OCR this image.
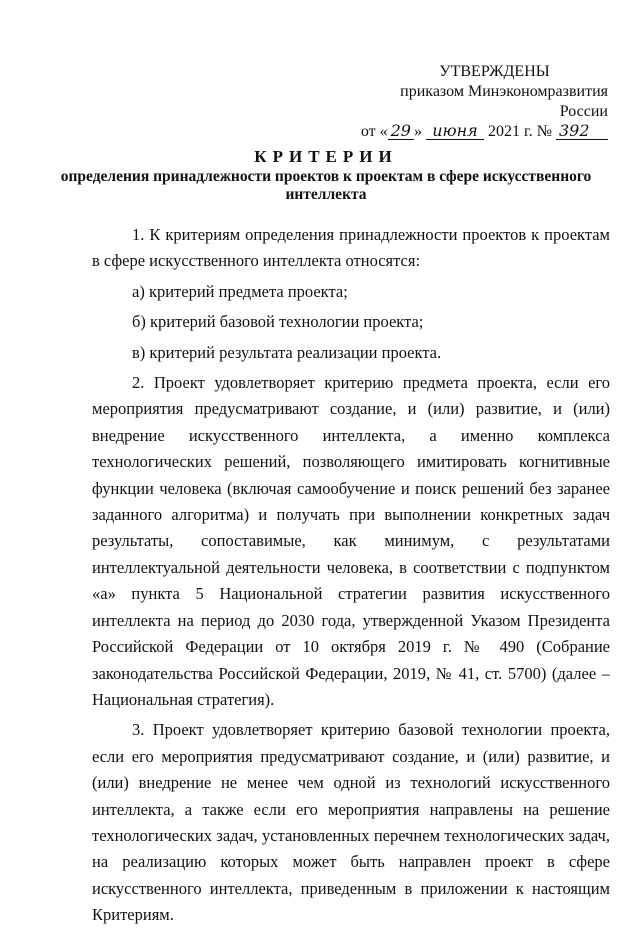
УТВЕРЖДЕНЫ
приказом Минэкономразвития России
от « 29 » июня 2021 г. № 392
КРИТЕРИИ
определения принадлежности проектов к проектам в сфере искусственного интеллекта

1. К критериям определения принадлежности проектов к проектам в сфере искусственного интеллекта относятся:

а) критерий предмета проекта;

б) критерий базовой технологии проекта;

в) критерий результата реализации проекта.

2. Проект удовлетворяет критерию предмета проекта, если его мероприятия предусматривают создание, и (или) развитие, и (или) внедрение искусственного интеллекта, а именно комплекса технологических решений, позволяющего имитировать когнитивные функции человека (включая самообучение и поиск решений без заранее заданного алгоритма) и получать при выполнении конкретных задач результаты, сопоставимые, как минимум, с результатами интеллектуальной деятельности человека, в соответствии с подпунктом «а» пункта 5 Национальной стратегии развития искусственного интеллекта на период до 2030 года, утвержденной Указом Президента Российской Федерации от 10 октября 2019 г. № 490 (Собрание законодательства Российской Федерации, 2019, № 41, ст. 5700) (далее – Национальная стратегия).

3. Проект удовлетворяет критерию базовой технологии проекта, если его мероприятия предусматривают создание, и (или) развитие, и (или) внедрение не менее чем одной из технологий искусственного интеллекта, а также если его мероприятия направлены на решение технологических задач, установленных перечнем технологических задач, на реализацию которых может быть направлен проект в сфере искусственного интеллекта, приведенным в приложении к настоящим Критериям.
